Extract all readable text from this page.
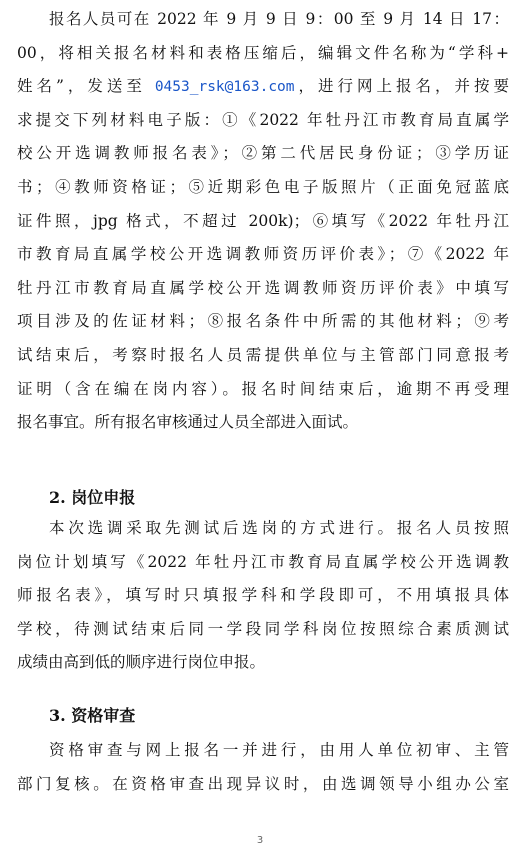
报名人员可在 2022 年 9 月 9 日 9：00 至 9 月 14 日 17：
00，将相关报名材料和表格压缩后，编辑文件名称为“学科+
姓名”，发送至 0453_rsk@163.com，进行网上报名，并按要
求提交下列材料电子版：①《2022 年牡丹江市教育局直属学
校公开选调教师报名表》；②第二代居民身份证；③学历证
书；④教师资格证；⑤近期彩色电子版照片（正面免冠蓝底
证件照，jpg 格式，不超过 200k)；⑥填写《2022 年牡丹江
市教育局直属学校公开选调教师资历评价表》；⑦《2022 年
牡丹江市教育局直属学校公开选调教师资历评价表》中填写
项目涉及的佐证材料；⑧报名条件中所需的其他材料；⑨考
试结束后，考察时报名人员需提供单位与主管部门同意报考
证明（含在编在岗内容）。报名时间结束后，逾期不再受理
报名事宜。所有报名审核通过人员全部进入面试。
2. 岗位申报
本次选调采取先测试后选岗的方式进行。报名人员按照
岗位计划填写《2022 年牡丹江市教育局直属学校公开选调教
师报名表》，填写时只填报学科和学段即可，不用填报具体
学校，待测试结束后同一学段同学科岗位按照综合素质测试
成绩由高到低的顺序进行岗位申报。
3. 资格审查
资格审查与网上报名一并进行，由用人单位初审、主管
部门复核。在资格审查出现异议时，由选调领导小组办公室
3
